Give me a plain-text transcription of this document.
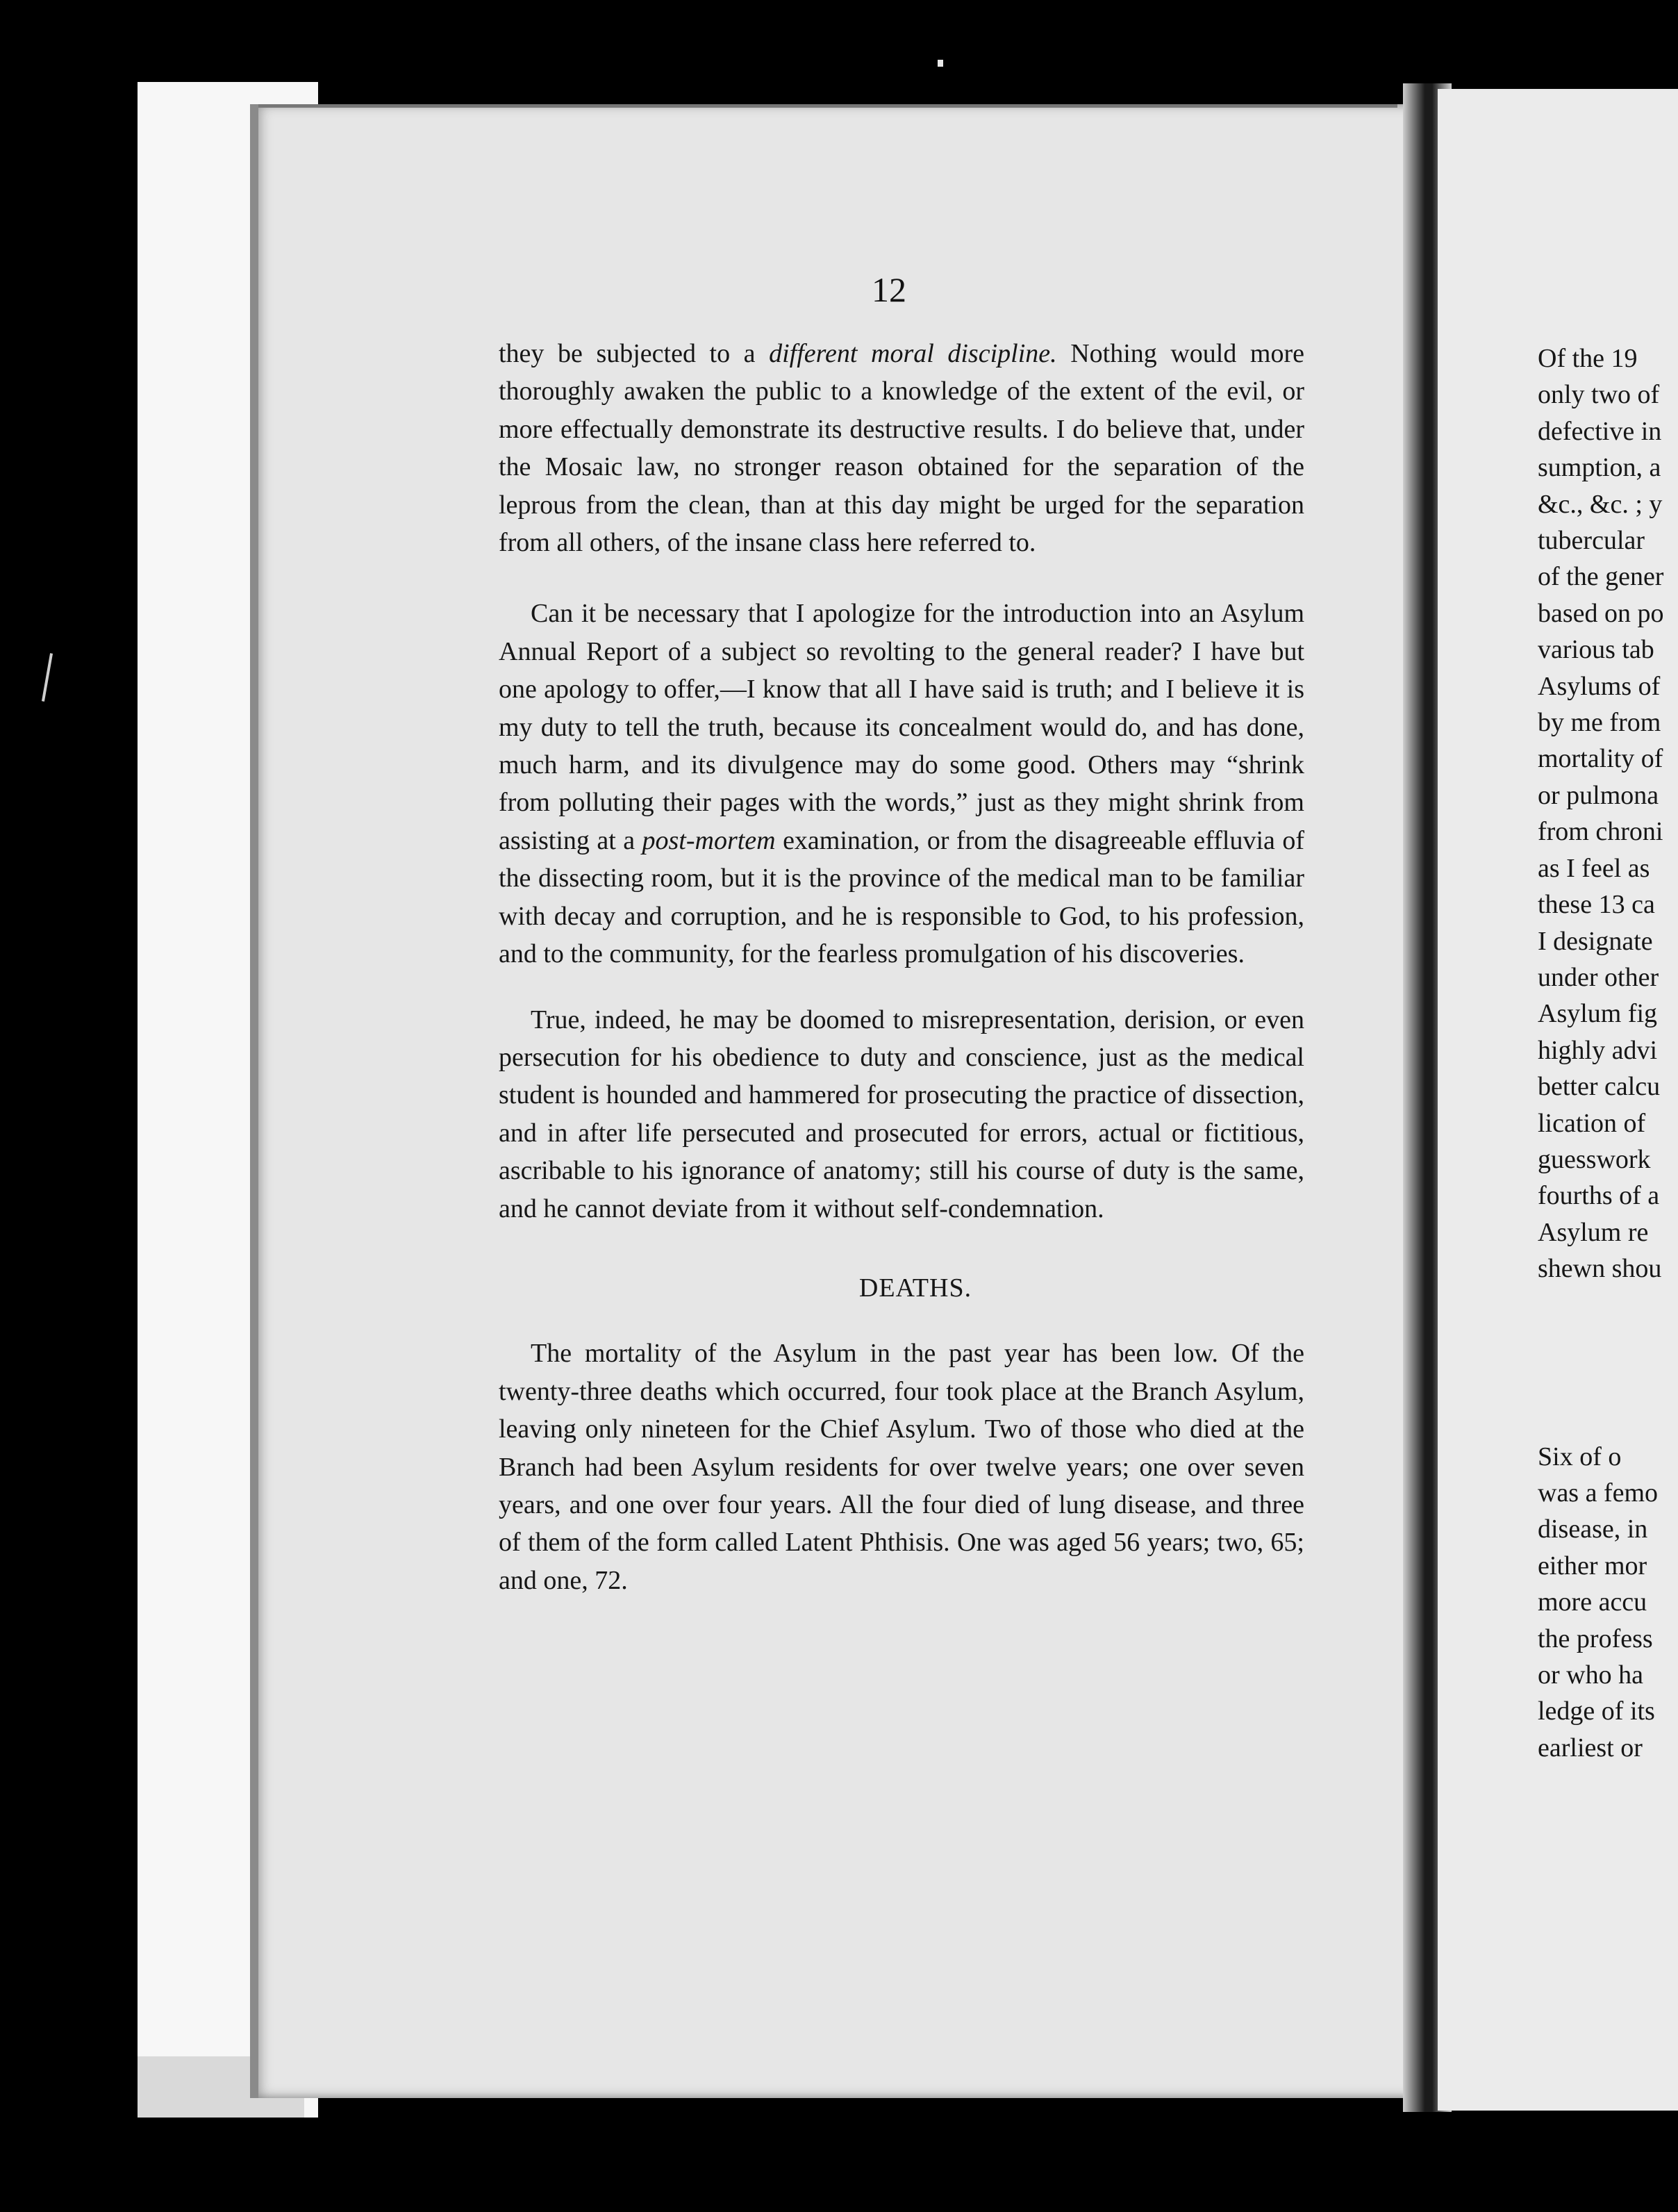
12

they be subjected to a different moral discipline. Nothing would more thoroughly awaken the public to a knowledge of the extent of the evil, or more effectually demonstrate its destructive results. I do believe that, under the Mosaic law, no stronger reason obtained for the separation of the leprous from the clean, than at this day might be urged for the separation from all others, of the insane class here referred to.

Can it be necessary that I apologize for the introduction into an Asylum Annual Report of a subject so revolting to the general reader? I have but one apology to offer,—I know that all I have said is truth; and I believe it is my duty to tell the truth, because its concealment would do, and has done, much harm, and its divulgence may do some good. Others may “shrink from polluting their pages with the words,” just as they might shrink from assisting at a post-mortem examination, or from the disagreeable effluvia of the dissecting room, but it is the province of the medical man to be familiar with decay and corruption, and he is responsible to God, to his profession, and to the community, for the fearless promulgation of his discoveries.

True, indeed, he may be doomed to misrepresentation, derision, or even persecution for his obedience to duty and conscience, just as the medical student is hounded and hammered for prosecuting the practice of dissection, and in after life persecuted and prosecuted for errors, actual or fictitious, ascribable to his ignorance of anatomy; still his course of duty is the same, and he cannot deviate from it without self-condemnation.

DEATHS.

The mortality of the Asylum in the past year has been low. Of the twenty-three deaths which occurred, four took place at the Branch Asylum, leaving only nineteen for the Chief Asylum. Two of those who died at the Branch had been Asylum residents for over twelve years; one over seven years, and one over four years. All the four died of lung disease, and three of them of the form called Latent Phthisis. One was aged 56 years; two, 65; and one, 72.

Of the 19
only two of
defective in
sumption, a
&c., &c. ; y
tubercular
of the gener
based on po
various tab
Asylums of
by me from
mortality of
or pulmona
from chroni
as I feel as
these 13 ca
I designate
under other
Asylum fig
highly advi
better calcu
lication of
guesswork
fourths of a
Asylum re
shewn shou
Six of o
was a femo
disease, in
either mor
more accu
the profess
or who ha
ledge of its
earliest or
